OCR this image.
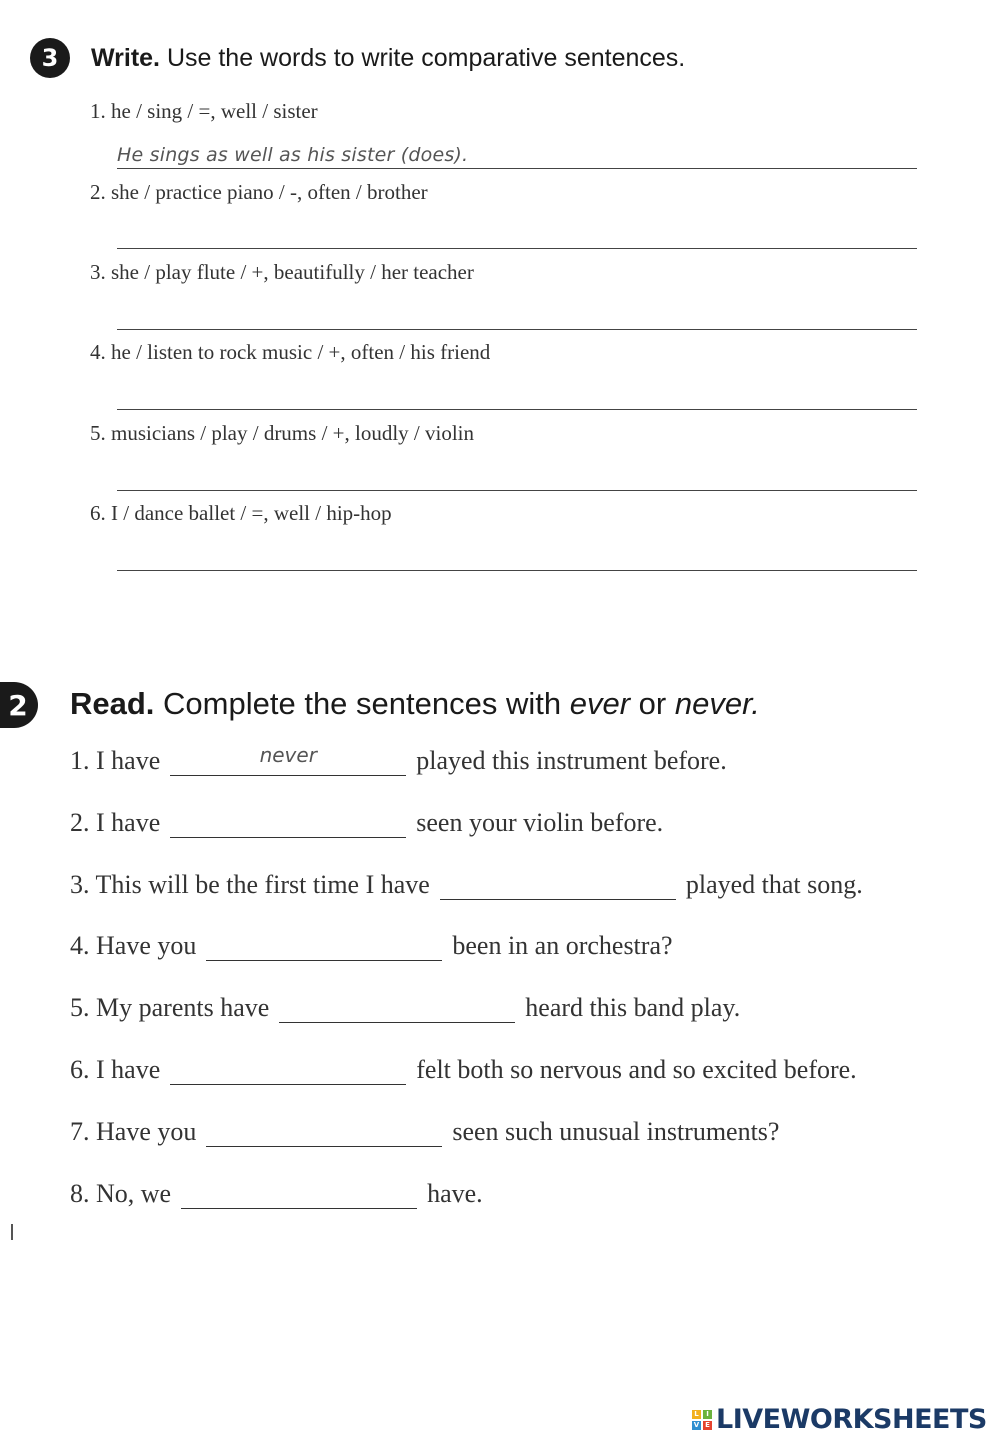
3	Write. Use the words to write comparative sentences.
1. he / sing / =, well / sister
He sings as well as his sister (does).
2. she / practice piano / -, often / brother
3. she / play flute / +, beautifully / her teacher
4. he / listen to rock music / +, often / his friend
5. musicians / play / drums / +, loudly / violin
6. I / dance ballet / =, well / hip-hop
2	Read. Complete the sentences with ever or never.
1. I have	never	played this instrument before.
2. I have	seen your violin before.
3. This will be the first time I have	played that song.
4. Have you	been in an orchestra?
5. My parents have	heard this band play.
6. I have	felt both so nervous and so excited before.
7. Have you	seen such unusual instruments?
8. No, we	have.
L	I
V E LIVEWORKSHEETS
